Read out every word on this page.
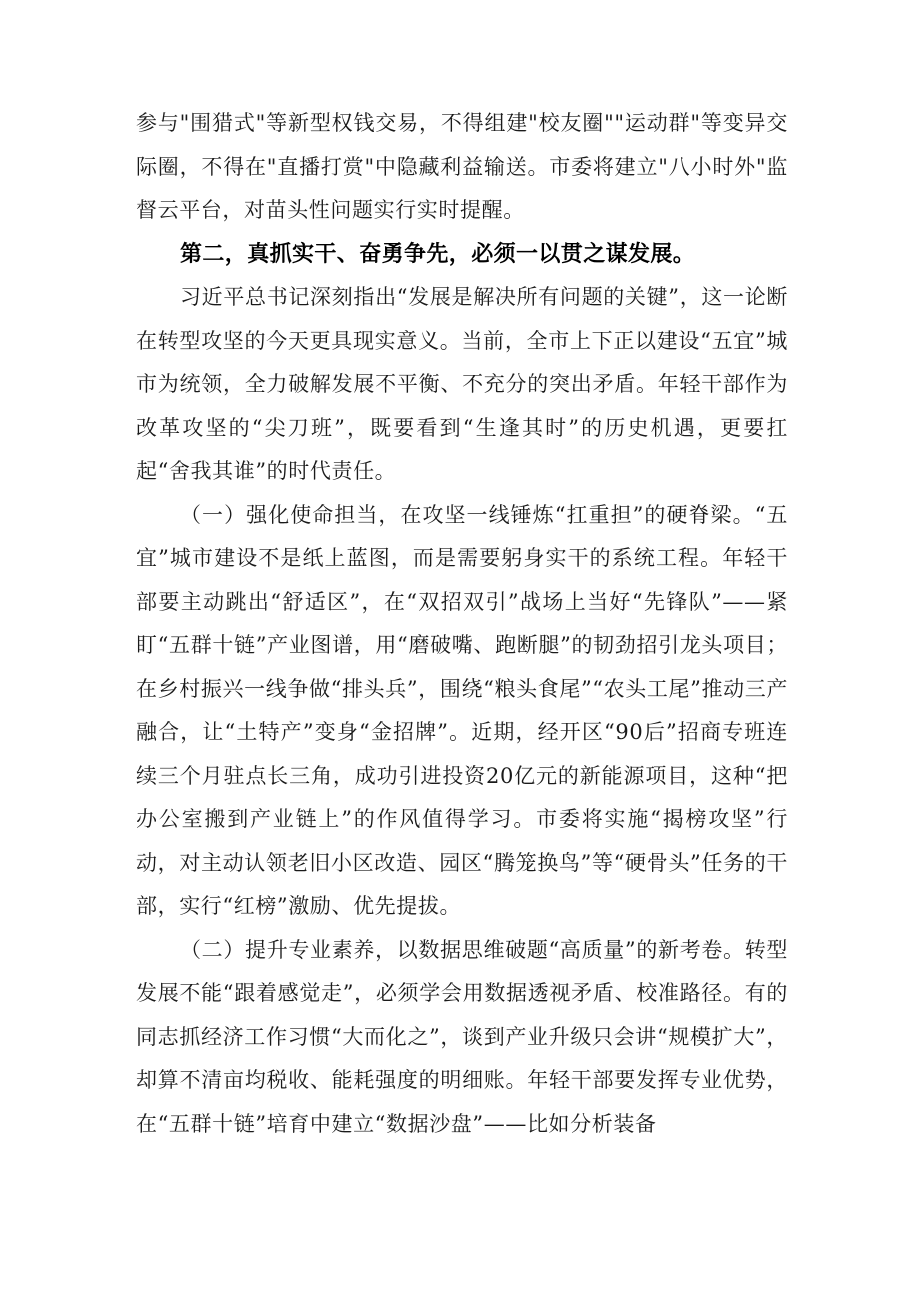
参与"围猎式"等新型权钱交易，不得组建"校友圈""运动群"等变异交际圈，不得在"直播打赏"中隐藏利益输送。市委将建立"八小时外"监督云平台，对苗头性问题实行实时提醒。

第二，真抓实干、奋勇争先，必须一以贯之谋发展。

习近平总书记深刻指出“发展是解决所有问题的关键”，这一论断在转型攻坚的今天更具现实意义。当前，全市上下正以建设“五宜”城市为统领，全力破解发展不平衡、不充分的突出矛盾。年轻干部作为改革攻坚的“尖刀班”，既要看到“生逢其时”的历史机遇，更要扛起“舍我其谁”的时代责任。

（一）强化使命担当，在攻坚一线锤炼“扛重担”的硬脊梁。“五宜”城市建设不是纸上蓝图，而是需要躬身实干的系统工程。年轻干部要主动跳出“舒适区”，在“双招双引”战场上当好“先锋队”——紧盯“五群十链”产业图谱，用“磨破嘴、跑断腿”的韧劲招引龙头项目；在乡村振兴一线争做“排头兵”，围绕“粮头食尾”“农头工尾”推动三产融合，让“土特产”变身“金招牌”。近期，经开区“90后”招商专班连续三个月驻点长三角，成功引进投资20亿元的新能源项目，这种“把办公室搬到产业链上”的作风值得学习。市委将实施“揭榜攻坚”行动，对主动认领老旧小区改造、园区“腾笼换鸟”等“硬骨头”任务的干部，实行“红榜”激励、优先提拔。

（二）提升专业素养，以数据思维破题“高质量”的新考卷。转型发展不能“跟着感觉走”，必须学会用数据透视矛盾、校准路径。有的同志抓经济工作习惯“大而化之”，谈到产业升级只会讲“规模扩大”，却算不清亩均税收、能耗强度的明细账。年轻干部要发挥专业优势，在“五群十链”培育中建立“数据沙盘”——比如分析装备
